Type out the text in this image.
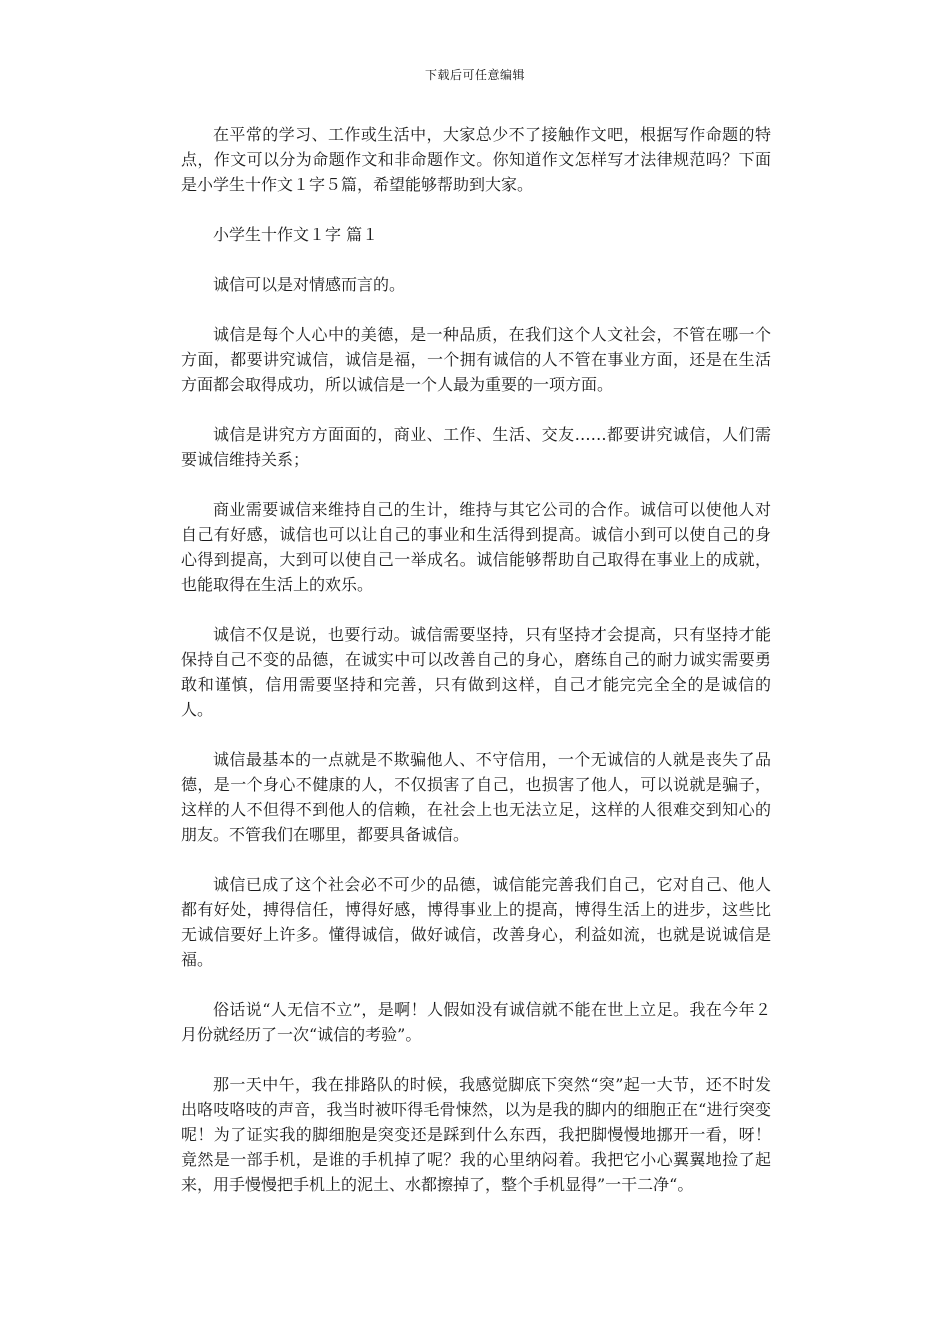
下载后可任意编辑

在平常的学习、工作或生活中，大家总少不了接触作文吧，根据写作命题的特点，作文可以分为命题作文和非命题作文。你知道作文怎样写才法律规范吗？下面是小学生十作文１字５篇，希望能够帮助到大家。

小学生十作文１字 篇１

诚信可以是对情感而言的。

诚信是每个人心中的美德，是一种品质，在我们这个人文社会，不管在哪一个方面，都要讲究诚信，诚信是福，一个拥有诚信的人不管在事业方面，还是在生活方面都会取得成功，所以诚信是一个人最为重要的一项方面。

诚信是讲究方方面面的，商业、工作、生活、交友……都要讲究诚信，人们需要诚信维持关系；

商业需要诚信来维持自己的生计，维持与其它公司的合作。诚信可以使他人对自己有好感，诚信也可以让自己的事业和生活得到提高。诚信小到可以使自己的身心得到提高，大到可以使自己一举成名。诚信能够帮助自己取得在事业上的成就，也能取得在生活上的欢乐。

诚信不仅是说，也要行动。诚信需要坚持，只有坚持才会提高，只有坚持才能保持自己不变的品德，在诚实中可以改善自己的身心，磨练自己的耐力诚实需要勇敢和谨慎，信用需要坚持和完善，只有做到这样，自己才能完完全全的是诚信的人。

诚信最基本的一点就是不欺骗他人、不守信用，一个无诚信的人就是丧失了品德，是一个身心不健康的人，不仅损害了自己，也损害了他人，可以说就是骗子，这样的人不但得不到他人的信赖，在社会上也无法立足，这样的人很难交到知心的朋友。不管我们在哪里，都要具备诚信。

诚信已成了这个社会必不可少的品德，诚信能完善我们自己，它对自己、他人都有好处，搏得信任，博得好感，博得事业上的提高，博得生活上的进步，这些比无诚信要好上许多。懂得诚信，做好诚信，改善身心，利益如流，也就是说诚信是福。

俗话说“人无信不立”，是啊！人假如没有诚信就不能在世上立足。我在今年２月份就经历了一次“诚信的考验”。

那一天中午，我在排路队的时候，我感觉脚底下突然“突”起一大节，还不时发出咯吱咯吱的声音，我当时被吓得毛骨悚然，以为是我的脚内的细胞正在“进行突变呢！为了证实我的脚细胞是突变还是踩到什么东西，我把脚慢慢地挪开一看，呀！竟然是一部手机，是谁的手机掉了呢？我的心里纳闷着。我把它小心翼翼地捡了起来，用手慢慢把手机上的泥土、水都擦掉了，整个手机显得”一干二净“。
